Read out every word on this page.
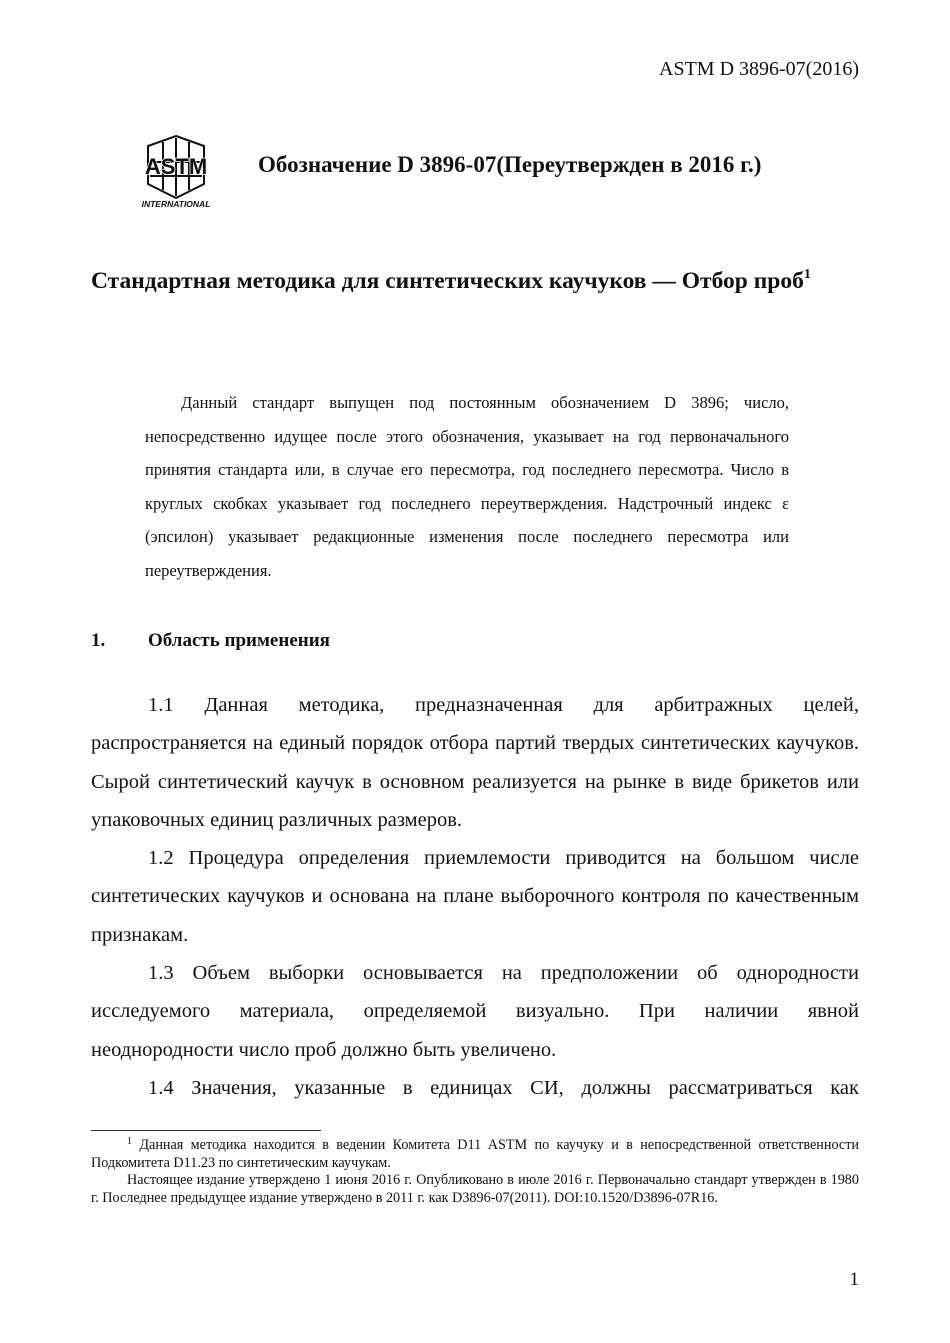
ASTM D 3896-07(2016)
ASTM
INTERNATIONAL
Обозначение D 3896-07(Переутвержден в 2016 г.)
Стандартная методика для синтетических каучуков — Отбор проб$^1$

Данный стандарт выпущен под постоянным обозначением D 3896; число, непосредственно идущее после этого обозначения, указывает на год первоначального принятия стандарта или, в случае его пересмотра, год последнего пересмотра. Число в круглых скобках указывает год последнего переутверждения. Надстрочный индекс ε (эпсилон) указывает редакционные изменения после последнего пересмотра или переутверждения.

1. Область применения

1.1 Данная методика, предназначенная для арбитражных целей, распространяется на единый порядок отбора партий твердых синтетических каучуков. Сырой синтетический каучук в основном реализуется на рынке в виде брикетов или упаковочных единиц различных размеров.

1.2 Процедура определения приемлемости приводится на большом числе синтетических каучуков и основана на плане выборочного контроля по качественным признакам.

1.3 Объем выборки основывается на предположении об однородности исследуемого материала, определяемой визуально. При наличии явной неоднородности число проб должно быть увеличено.

1.4 Значения, указанные в единицах СИ, должны рассматриваться как

$^1$ Данная методика находится в ведении Комитета D11 ASTM по каучуку и в непосредственной ответственности Подкомитета D11.23 по синтетическим каучукам.

Настоящее издание утверждено 1 июня 2016 г. Опубликовано в июле 2016 г. Первоначально стандарт утвержден в 1980 г. Последнее предыдущее издание утверждено в 2011 г. как D3896-07(2011). DOI:10.1520/D3896-07R16.

1
